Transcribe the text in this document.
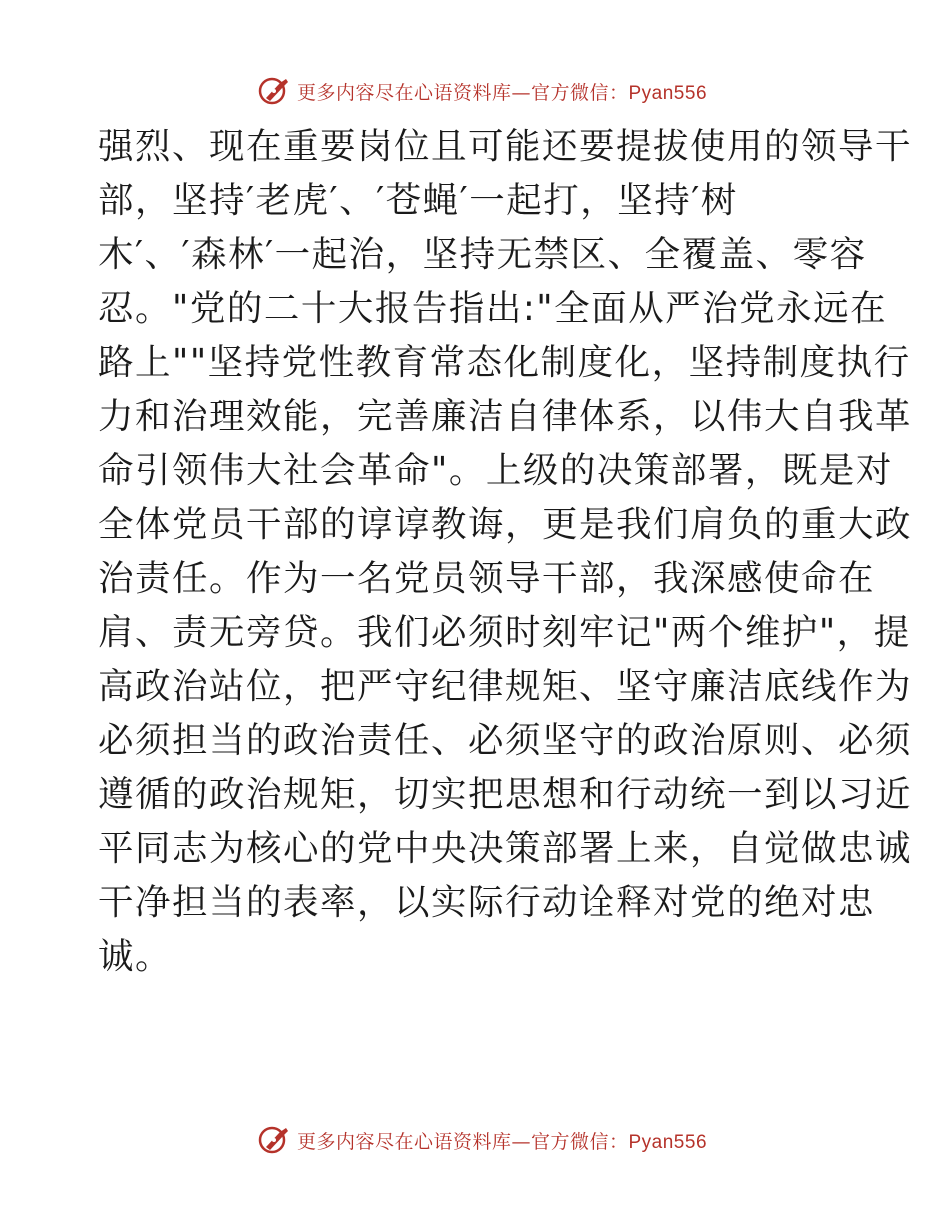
更多内容尽在心语资料库—官方微信：Pyan556
强烈、现在重要岗位且可能还要提拔使用的领导干
部，坚持′老虎′、′苍蝇′一起打，坚持′树
木′、′森林′一起治，坚持无禁区、全覆盖、零容
忍。"党的二十大报告指出:"全面从严治党永远在
路上""坚持党性教育常态化制度化，坚持制度执行
力和治理效能，完善廉洁自律体系，以伟大自我革
命引领伟大社会革命"。上级的决策部署，既是对
全体党员干部的谆谆教诲，更是我们肩负的重大政
治责任。作为一名党员领导干部，我深感使命在
肩、责无旁贷。我们必须时刻牢记"两个维护"，提
高政治站位，把严守纪律规矩、坚守廉洁底线作为
必须担当的政治责任、必须坚守的政治原则、必须
遵循的政治规矩，切实把思想和行动统一到以习近
平同志为核心的党中央决策部署上来，自觉做忠诚
干净担当的表率，以实际行动诠释对党的绝对忠
诚。
更多内容尽在心语资料库—官方微信：Pyan556
